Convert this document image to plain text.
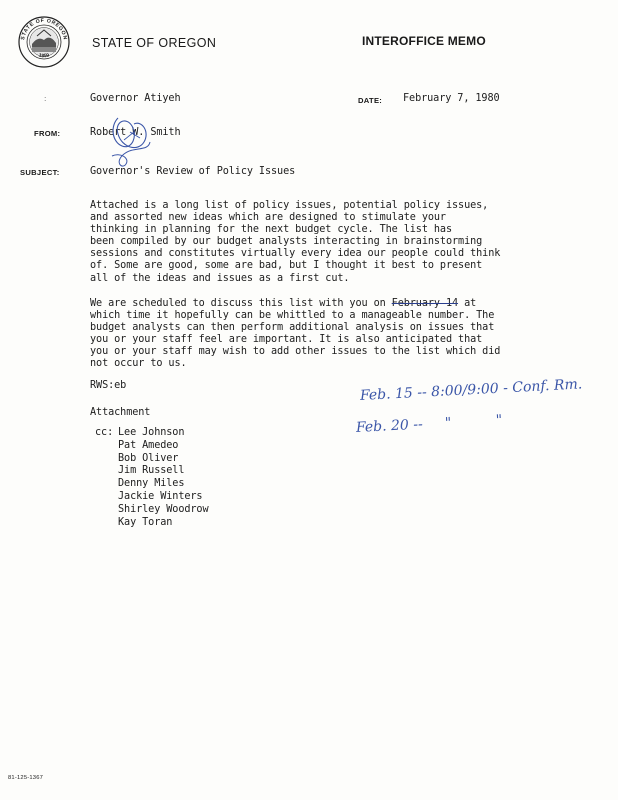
STATE OF OREGON
1859
STATE OF OREGON	INTEROFFICE MEMO
:	Governor Atiyeh	DATE: February 7, 1980
FROM:	Robert W. Smith
SUBJECT:	Governor's Review of Policy Issues
Attached is a long list of policy issues, potential policy issues,
and assorted new ideas which are designed to stimulate your
thinking in planning for the next budget cycle. The list has
been compiled by our budget analysts interacting in brainstorming
sessions and constitutes virtually every idea our people could think
of. Some are good, some are bad, but I thought it best to present
all of the ideas and issues as a first cut.
We are scheduled to discuss this list with you on February 14 at
which time it hopefully can be whittled to a manageable number. The
budget analysts can then perform additional analysis on issues that
you or your staff feel are important. It is also anticipated that
you or your staff may wish to add other issues to the list which did
not occur to us.
RWS:eb
Attachment
cc: Lee Johnson
Pat Amedeo
Bob Oliver
Jim Russell
Denny Miles
Jackie Winters
Shirley Woodrow
Kay Toran
Feb. 15 -- 8:00/9:00 - Conf. Rm.
Feb. 20 --     "          "
81-125-1367
